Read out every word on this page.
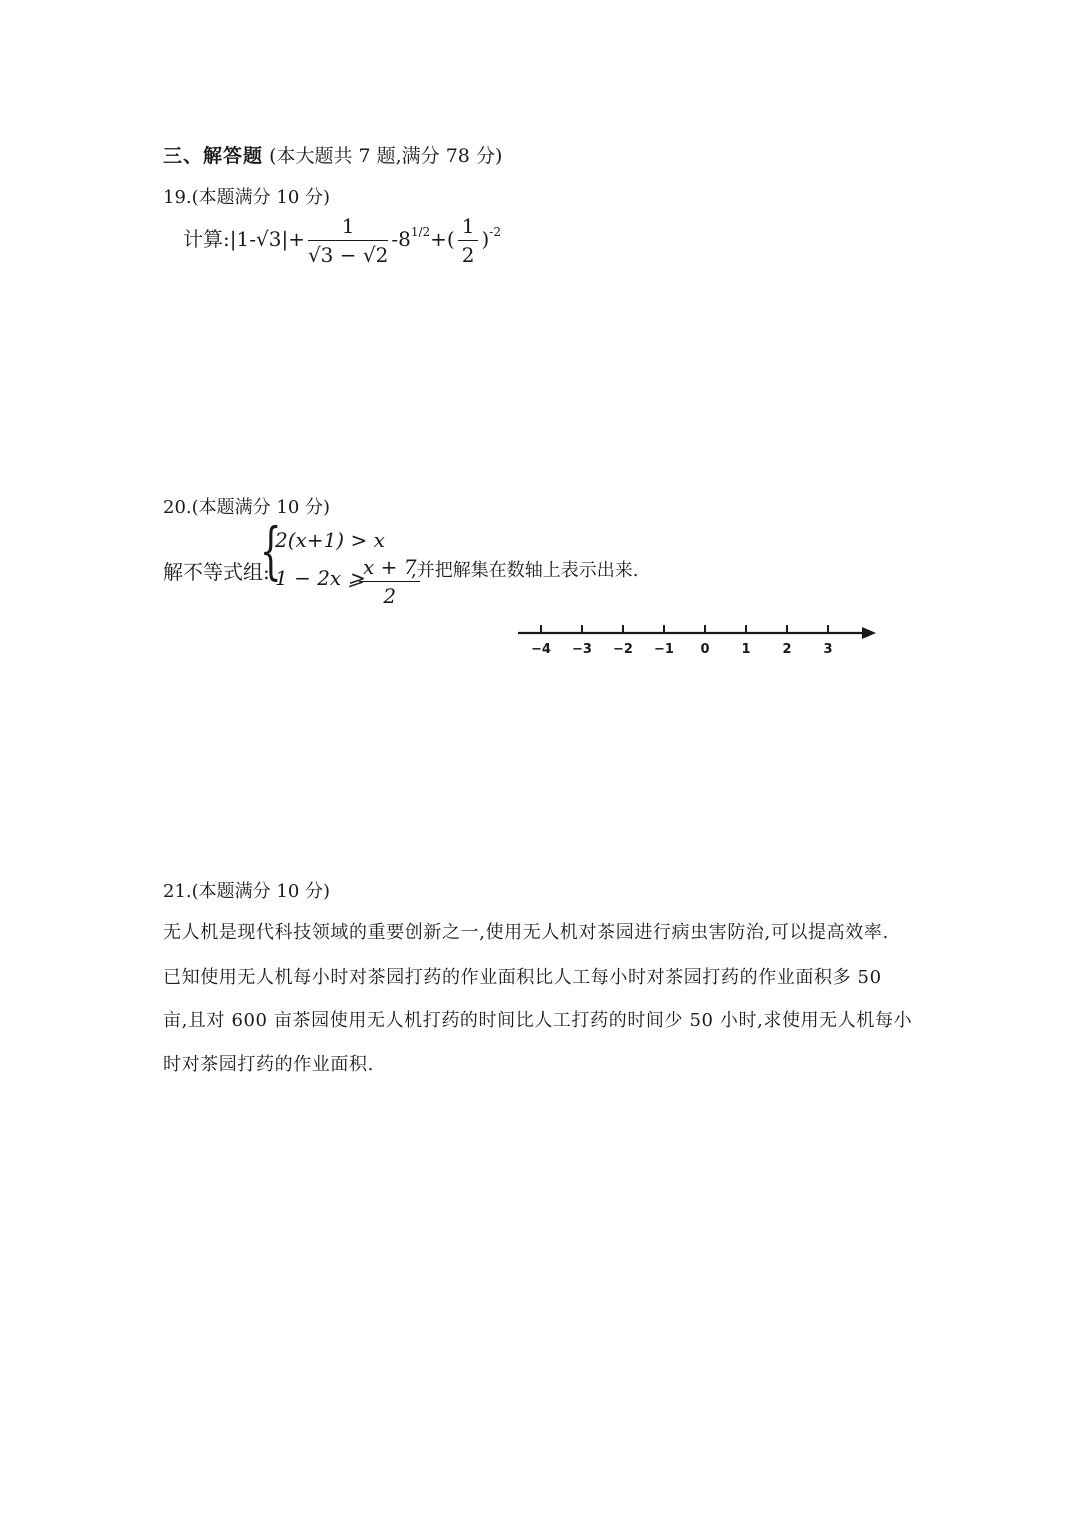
三、解答题 (本大题共 7 题,满分 78 分)
19.(本题满分 10 分)
计算:|1-√3|+ $\frac{1}{√3 - √2} -8^{1/2}+( \frac{1}{2} )^{-2}$
20.(本题满分 10 分)
解不等式组:
{
2(x+1) > x
1 − 2x ⩾
$\frac{x + 7}{2}$
,并把解集在数轴上表示出来.
−4 −3 −2 −1 0 1 2 3
21.(本题满分 10 分)
无人机是现代科技领域的重要创新之一,使用无人机对茶园进行病虫害防治,可以提高效率.
已知使用无人机每小时对茶园打药的作业面积比人工每小时对茶园打药的作业面积多 50
亩,且对 600 亩茶园使用无人机打药的时间比人工打药的时间少 50 小时,求使用无人机每小
时对茶园打药的作业面积.
